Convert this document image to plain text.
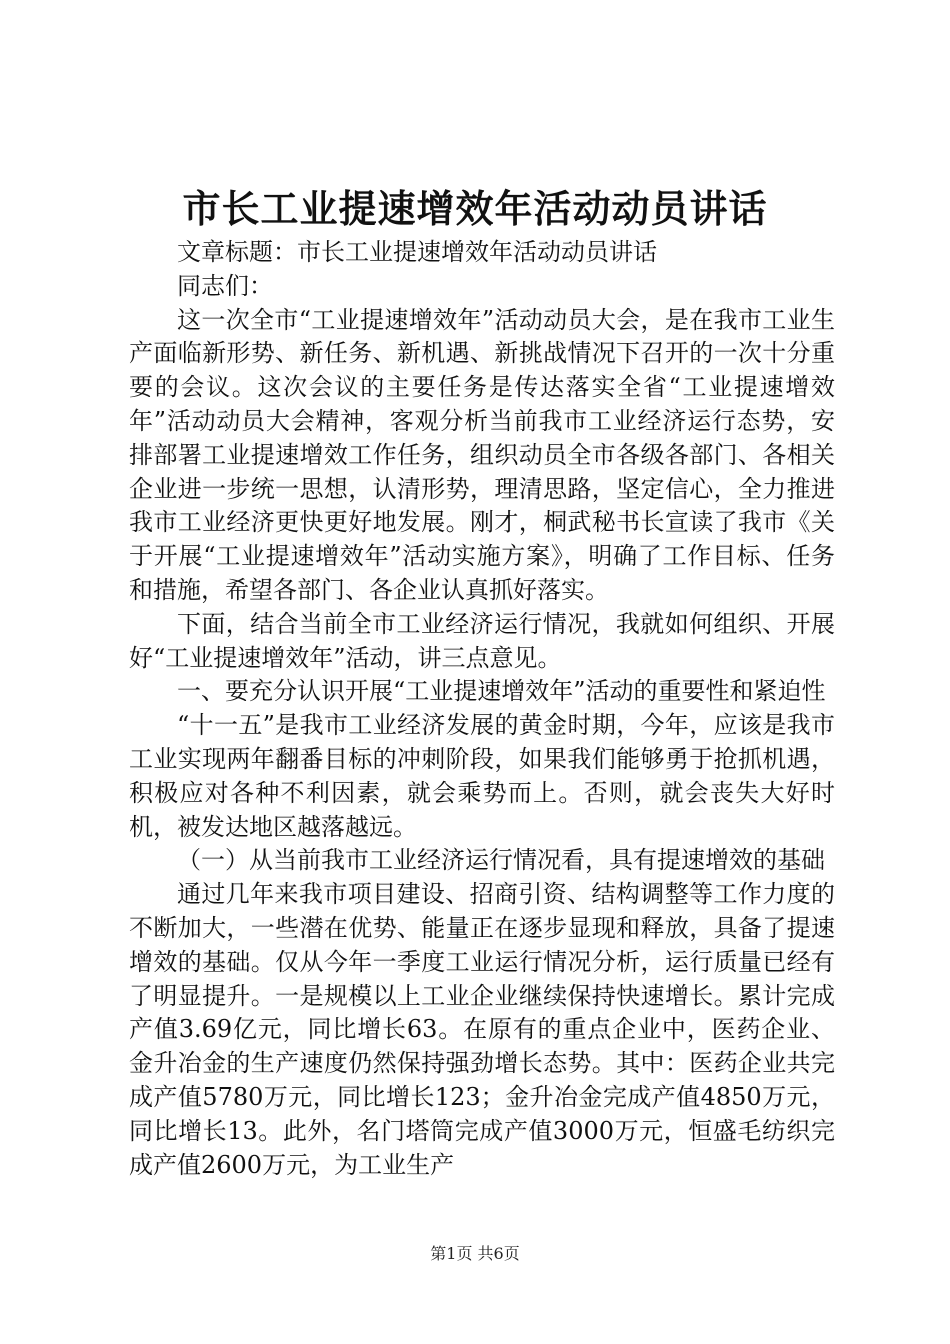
市长工业提速增效年活动动员讲话

文章标题：市长工业提速增效年活动动员讲话

同志们：

这一次全市“工业提速增效年”活动动员大会，是在我市工业生产面临新形势、新任务、新机遇、新挑战情况下召开的一次十分重要的会议。这次会议的主要任务是传达落实全省“工业提速增效年”活动动员大会精神，客观分析当前我市工业经济运行态势，安排部署工业提速增效工作任务，组织动员全市各级各部门、各相关企业进一步统一思想，认清形势，理清思路，坚定信心，全力推进我市工业经济更快更好地发展。刚才，桐武秘书长宣读了我市《关于开展“工业提速增效年”活动实施方案》，明确了工作目标、任务和措施，希望各部门、各企业认真抓好落实。

下面，结合当前全市工业经济运行情况，我就如何组织、开展好“工业提速增效年”活动，讲三点意见。

一、要充分认识开展“工业提速增效年”活动的重要性和紧迫性

“十一五”是我市工业经济发展的黄金时期，今年，应该是我市工业实现两年翻番目标的冲刺阶段，如果我们能够勇于抢抓机遇，积极应对各种不利因素，就会乘势而上。否则，就会丧失大好时机，被发达地区越落越远。

（一）从当前我市工业经济运行情况看，具有提速增效的基础

通过几年来我市项目建设、招商引资、结构调整等工作力度的不断加大，一些潜在优势、能量正在逐步显现和释放，具备了提速增效的基础。仅从今年一季度工业运行情况分析，运行质量已经有了明显提升。一是规模以上工业企业继续保持快速增长。累计完成产值3.69亿元，同比增长63。在原有的重点企业中，医药企业、金升冶金的生产速度仍然保持强劲增长态势。其中：医药企业共完成产值5780万元，同比增长123；金升冶金完成产值4850万元，同比增长13。此外，名门塔筒完成产值3000万元，恒盛毛纺织完成产值2600万元，为工业生产

第1页 共6页
